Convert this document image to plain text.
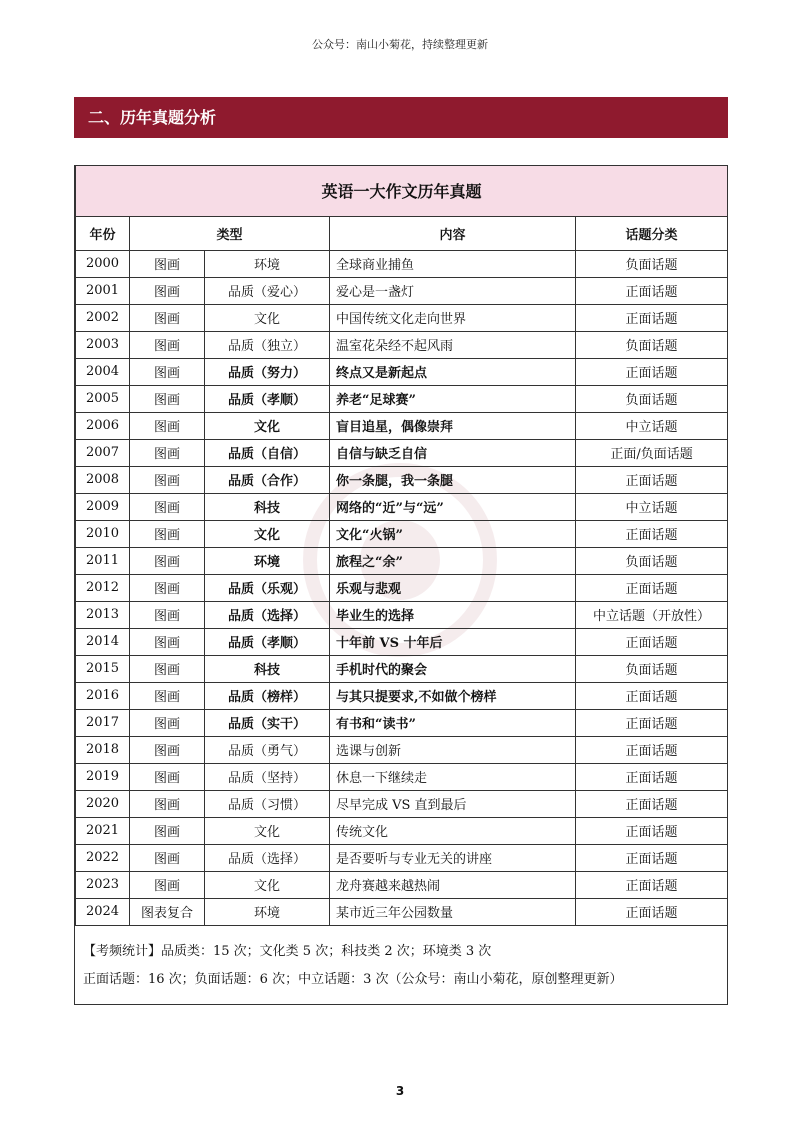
公众号：南山小菊花，持续整理更新
二、历年真题分析
英语一大作文历年真题				
年份	类型		内容	话题分类
2000	图画	环境	全球商业捕鱼	负面话题
2001	图画	品质（爱心）	爱心是一盏灯	正面话题
2002	图画	文化	中国传统文化走向世界	正面话题
2003	图画	品质（独立）	温室花朵经不起风雨	负面话题
2004	图画	品质（努力）	终点又是新起点	正面话题
2005	图画	品质（孝顺）	养老“足球赛”	负面话题
2006	图画	文化	盲目追星，偶像崇拜	中立话题
2007	图画	品质（自信）	自信与缺乏自信	正面/负面话题
2008	图画	品质（合作）	你一条腿，我一条腿	正面话题
2009	图画	科技	网络的“近”与“远”	中立话题
2010	图画	文化	文化“火锅”	正面话题
2011	图画	环境	旅程之“余”	负面话题
2012	图画	品质（乐观）	乐观与悲观	正面话题
2013	图画	品质（选择）	毕业生的选择	中立话题（开放性）
2014	图画	品质（孝顺）	十年前 VS 十年后	正面话题
2015	图画	科技	手机时代的聚会	负面话题
2016	图画	品质（榜样）	与其只提要求,不如做个榜样	正面话题
2017	图画	品质（实干）	有书和“读书”	正面话题
2018	图画	品质（勇气）	选课与创新	正面话题
2019	图画	品质（坚持）	休息一下继续走	正面话题
2020	图画	品质（习惯）	尽早完成 VS 直到最后	正面话题
2021	图画	文化	传统文化	正面话题
2022	图画	品质（选择）	是否要听与专业无关的讲座	正面话题
2023	图画	文化	龙舟赛越来越热闹	正面话题
2024	图表复合	环境	某市近三年公园数量	正面话题
【考频统计】品质类：15 次；文化类 5 次；科技类 2 次；环境类 3 次
正面话题：16 次；负面话题：6 次；中立话题：3 次（公众号：南山小菊花，原创整理更新）
3
